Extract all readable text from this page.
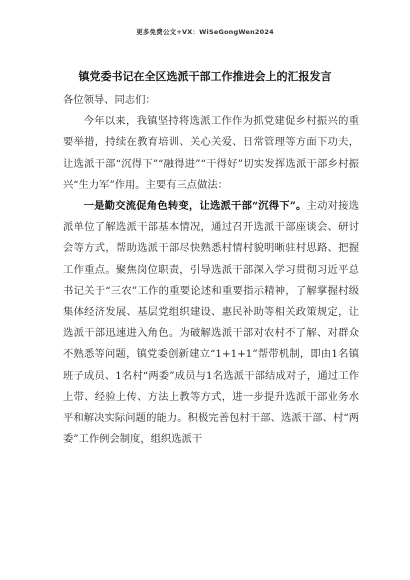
更多免费公文+VX：WiSeGongWen2024
镇党委书记在全区选派干部工作推进会上的汇报发言

各位领导、同志们：

今年以来，我镇坚持将选派工作作为抓党建促乡村振兴的重要举措，持续在教育培训、关心关爱、日常管理等方面下功夫，让选派干部“沉得下”“融得进”“干得好”切实发挥选派干部乡村振兴“生力军”作用。主要有三点做法：

一是勤交流促角色转变，让选派干部“沉得下”。主动对接选派单位了解选派干部基本情况，通过召开选派干部座谈会、研讨会等方式，帮助选派干部尽快熟悉村情村貌明晰驻村思路、把握工作重点。聚焦岗位职责，引导选派干部深入学习贯彻习近平总书记关于“三农”工作的重要论述和重要指示精神，了解掌握村级集体经济发展、基层党组织建设、惠民补助等相关政策规定，让选派干部迅速进入角色。为破解选派干部对农村不了解、对群众不熟悉等问题，镇党委创新建立“1+1+1”帮带机制，即由1名镇班子成员、1名村“两委”成员与1名选派干部结成对子，通过工作上带、经验上传、方法上教等方式，进一步提升选派干部业务水平和解决实际问题的能力。积极完善包村干部、选派干部、村“两委”工作例会制度，组织选派干
